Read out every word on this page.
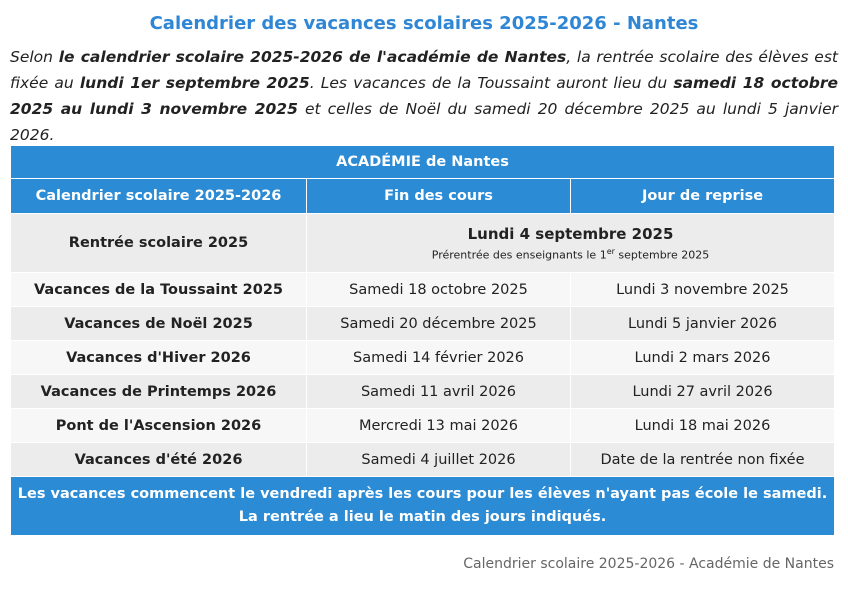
Calendrier des vacances scolaires 2025-2026 - Nantes
Selon le calendrier scolaire 2025-2026 de l'académie de Nantes, la rentrée scolaire des élèves est fixée au lundi 1er septembre 2025. Les vacances de la Toussaint auront lieu du samedi 18 octobre 2025 au lundi 3 novembre 2025 et celles de Noël du samedi 20 décembre 2025 au lundi 5 janvier 2026.
ACADÉMIE de Nantes		
Calendrier scolaire 2025-2026	Fin des cours	Jour de reprise
Rentrée scolaire 2025	Lundi 4 septembre 2025
Prérentrée des enseignants le 1er septembre 2025	

Vacances de la Toussaint 2025	Samedi 18 octobre 2025	Lundi 3 novembre 2025
Vacances de Noël 2025	Samedi 20 décembre 2025	Lundi 5 janvier 2026
Vacances d'Hiver 2026	Samedi 14 février 2026	Lundi 2 mars 2026
Vacances de Printemps 2026	Samedi 11 avril 2026	Lundi 27 avril 2026
Pont de l'Ascension 2026	Mercredi 13 mai 2026	Lundi 18 mai 2026
Vacances d'été 2026	Samedi 4 juillet 2026	Date de la rentrée non fixée

Les vacances commencent le vendredi après les cours pour les élèves n'ayant pas école le samedi.
La rentrée a lieu le matin des jours indiqués.		
Calendrier scolaire 2025-2026 - Académie de Nantes
